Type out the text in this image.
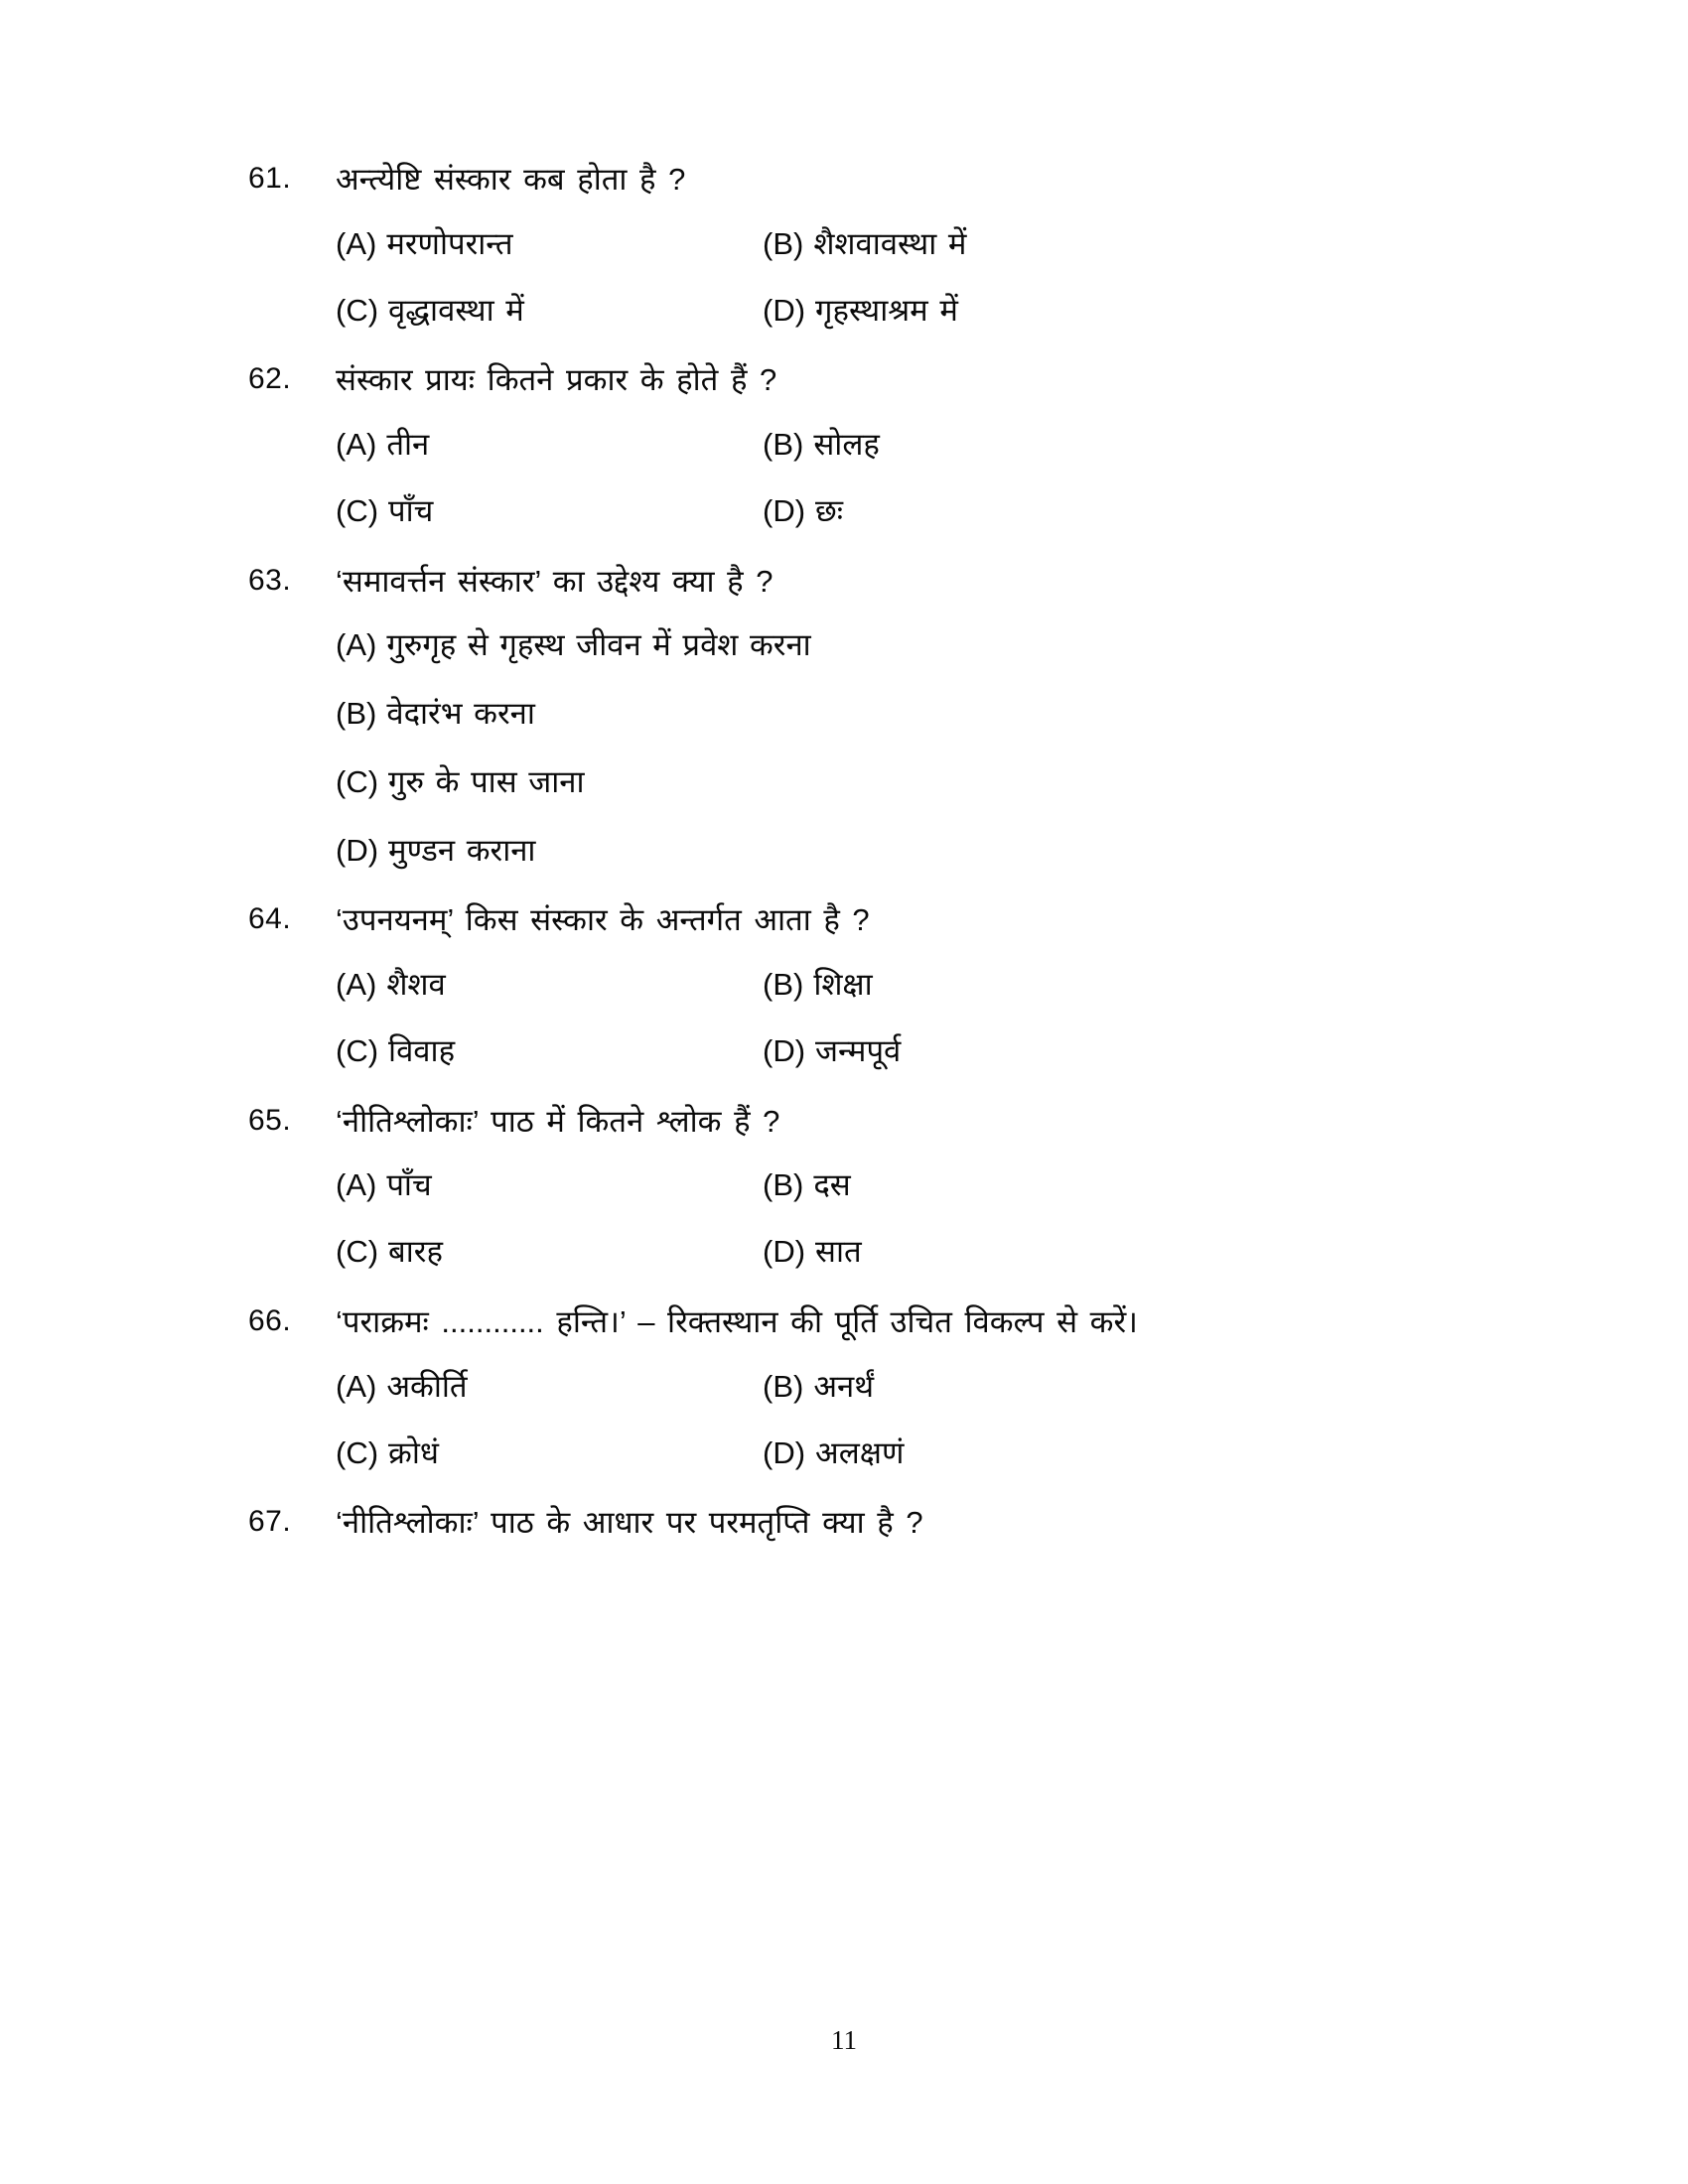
61.	अन्त्येष्टि संस्कार कब होता है ?
(A) मरणोपरान्त	(B) शैशवावस्था में
(C) वृद्धावस्था में	(D) गृहस्थाश्रम में
62.	संस्कार प्रायः कितने प्रकार के होते हैं ?
(A) तीन	(B) सोलह
(C) पाँच	(D) छः
63.	‘समावर्त्तन संस्कार’ का उद्देश्य क्या है ?
(A) गुरुगृह से गृहस्थ जीवन में प्रवेश करना
(B) वेदारंभ करना
(C) गुरु के पास जाना
(D) मुण्डन कराना
64.	‘उपनयनम्’ किस संस्कार के अन्तर्गत आता है ?
(A) शैशव	(B) शिक्षा
(C) विवाह	(D) जन्मपूर्व
65.	‘नीतिश्लोकाः’ पाठ में कितने श्लोक हैं ?
(A) पाँच	(B) दस
(C) बारह	(D) सात
66.	‘पराक्रमः ............ हन्ति।’ – रिक्तस्थान की पूर्ति उचित विकल्प से करें।
(A) अकीर्ति	(B) अनर्थं
(C) क्रोधं	(D) अलक्षणं
67.	‘नीतिश्लोकाः’ पाठ के आधार पर परमतृप्ति क्या है ?
11
